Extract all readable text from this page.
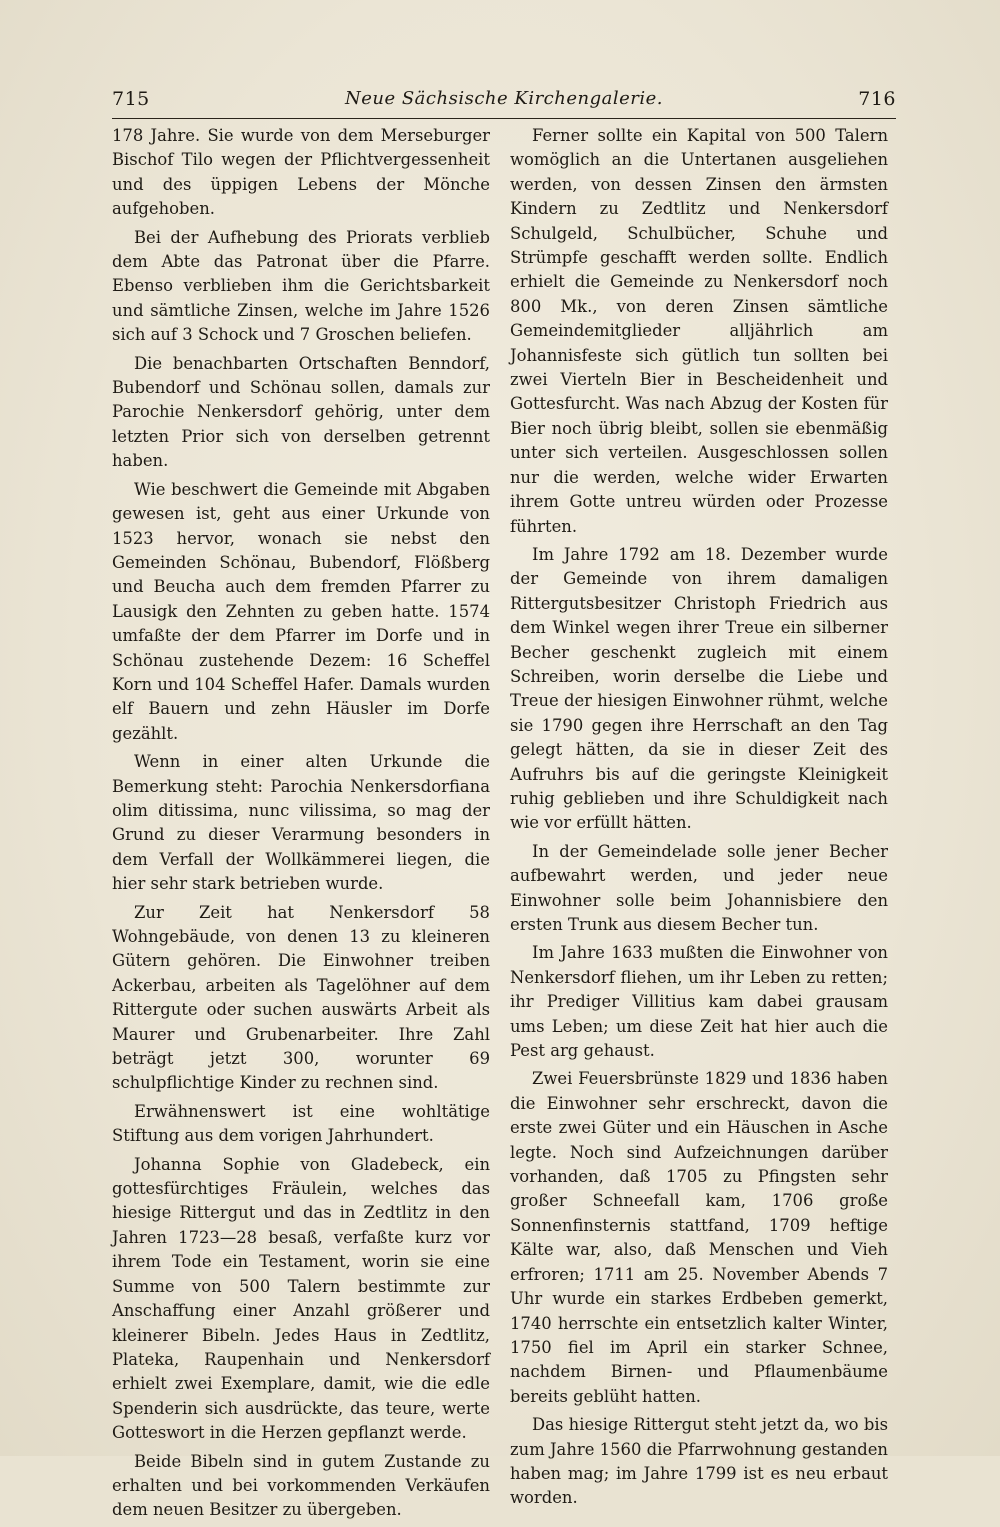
715	Neue Sächsische Kirchengalerie.	716

178 Jahre. Sie wurde von dem Merseburger Bischof Tilo wegen der Pflichtvergessenheit und des üppigen Lebens der Mönche aufgehoben.

Bei der Aufhebung des Priorats verblieb dem Abte das Patronat über die Pfarre. Ebenso verblieben ihm die Gerichtsbarkeit und sämtliche Zinsen, welche im Jahre 1526 sich auf 3 Schock und 7 Groschen beliefen.

Die benachbarten Ortschaften Benndorf, Bubendorf und Schönau sollen, damals zur Parochie Nenkersdorf gehörig, unter dem letzten Prior sich von derselben getrennt haben.

Wie beschwert die Gemeinde mit Abgaben gewesen ist, geht aus einer Urkunde von 1523 hervor, wonach sie nebst den Gemeinden Schönau, Bubendorf, Flößberg und Beucha auch dem fremden Pfarrer zu Lausigk den Zehnten zu geben hatte. 1574 umfaßte der dem Pfarrer im Dorfe und in Schönau zustehende Dezem: 16 Scheffel Korn und 104 Scheffel Hafer. Damals wurden elf Bauern und zehn Häusler im Dorfe gezählt.

Wenn in einer alten Urkunde die Bemerkung steht: Parochia Nenkersdorfiana olim ditissima, nunc vilissima, so mag der Grund zu dieser Verarmung besonders in dem Verfall der Wollkämmerei liegen, die hier sehr stark betrieben wurde.

Zur Zeit hat Nenkersdorf 58 Wohngebäude, von denen 13 zu kleineren Gütern gehören. Die Einwohner treiben Ackerbau, arbeiten als Tagelöhner auf dem Rittergute oder suchen auswärts Arbeit als Maurer und Grubenarbeiter. Ihre Zahl beträgt jetzt 300, worunter 69 schulpflichtige Kinder zu rechnen sind.

Erwähnenswert ist eine wohltätige Stiftung aus dem vorigen Jahrhundert.

Johanna Sophie von Gladebeck, ein gottesfürchtiges Fräulein, welches das hiesige Rittergut und das in Zedtlitz in den Jahren 1723—28 besaß, verfaßte kurz vor ihrem Tode ein Testament, worin sie eine Summe von 500 Talern bestimmte zur Anschaffung einer Anzahl größerer und kleinerer Bibeln. Jedes Haus in Zedtlitz, Plateka, Raupenhain und Nenkersdorf erhielt zwei Exemplare, damit, wie die edle Spenderin sich ausdrückte, das teure, werte Gotteswort in die Herzen gepflanzt werde.

Beide Bibeln sind in gutem Zustande zu erhalten und bei vorkommenden Verkäufen dem neuen Besitzer zu übergeben.

Ferner sollte ein Kapital von 500 Talern womöglich an die Untertanen ausgeliehen werden, von dessen Zinsen den ärmsten Kindern zu Zedtlitz und Nenkersdorf Schulgeld, Schulbücher, Schuhe und Strümpfe geschafft werden sollte. Endlich erhielt die Gemeinde zu Nenkersdorf noch 800 Mk., von deren Zinsen sämtliche Gemeindemitglieder alljährlich am Johannisfeste sich gütlich tun sollten bei zwei Vierteln Bier in Bescheidenheit und Gottesfurcht. Was nach Abzug der Kosten für Bier noch übrig bleibt, sollen sie ebenmäßig unter sich verteilen. Ausgeschlossen sollen nur die werden, welche wider Erwarten ihrem Gotte untreu würden oder Prozesse führten.

Im Jahre 1792 am 18. Dezember wurde der Gemeinde von ihrem damaligen Rittergutsbesitzer Christoph Friedrich aus dem Winkel wegen ihrer Treue ein silberner Becher geschenkt zugleich mit einem Schreiben, worin derselbe die Liebe und Treue der hiesigen Einwohner rühmt, welche sie 1790 gegen ihre Herrschaft an den Tag gelegt hätten, da sie in dieser Zeit des Aufruhrs bis auf die geringste Kleinigkeit ruhig geblieben und ihre Schuldigkeit nach wie vor erfüllt hätten.

In der Gemeindelade solle jener Becher aufbewahrt werden, und jeder neue Einwohner solle beim Johannisbiere den ersten Trunk aus diesem Becher tun.

Im Jahre 1633 mußten die Einwohner von Nenkersdorf fliehen, um ihr Leben zu retten; ihr Prediger Villitius kam dabei grausam ums Leben; um diese Zeit hat hier auch die Pest arg gehaust.

Zwei Feuersbrünste 1829 und 1836 haben die Einwohner sehr erschreckt, davon die erste zwei Güter und ein Häuschen in Asche legte. Noch sind Aufzeichnungen darüber vorhanden, daß 1705 zu Pfingsten sehr großer Schneefall kam, 1706 große Sonnenfinsternis stattfand, 1709 heftige Kälte war, also, daß Menschen und Vieh erfroren; 1711 am 25. November Abends 7 Uhr wurde ein starkes Erdbeben gemerkt, 1740 herrschte ein entsetzlich kalter Winter, 1750 fiel im April ein starker Schnee, nachdem Birnen- und Pflaumenbäume bereits geblüht hatten.

Das hiesige Rittergut steht jetzt da, wo bis zum Jahre 1560 die Pfarrwohnung gestanden haben mag; im Jahre 1799 ist es neu erbaut worden.
